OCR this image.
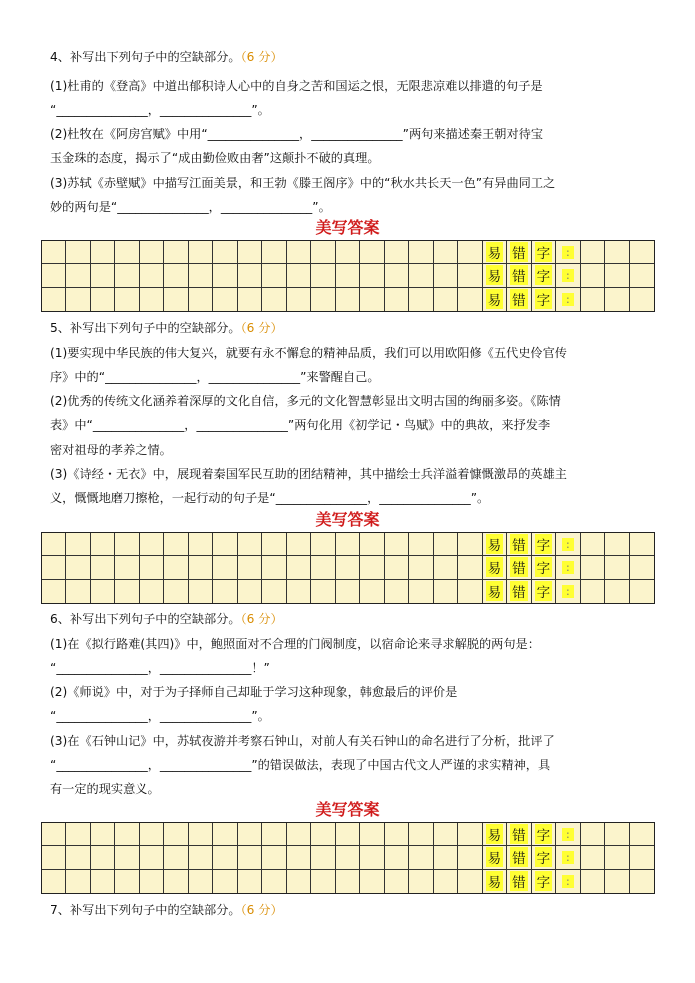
4、补写出下列句子中的空缺部分。（6 分）
(1)杜甫的《登高》中道出郁积诗人心中的自身之苦和国运之恨，无限悲凉难以排遣的句子是
“_______________，_______________”。
(2)杜牧在《阿房宫赋》中用“_______________，_______________”两句来描述秦王朝对待宝
玉金珠的态度，揭示了“成由勤俭败由奢”这颠扑不破的真理。
(3)苏轼《赤壁赋》中描写江面美景，和王勃《滕王阁序》中的“秋水共长天一色”有异曲同工之
妙的两句是“_______________，_______________”。
美写答案
易 错 字	:
易 错 字	:
易 错 字	:
5、补写出下列句子中的空缺部分。（6 分）
(1)要实现中华民族的伟大复兴，就要有永不懈怠的精神品质，我们可以用欧阳修《五代史伶官传
序》中的“_______________，_______________”来警醒自己。
(2)优秀的传统文化涵养着深厚的文化自信，多元的文化智慧彰显出文明古国的绚丽多姿。《陈情
表》中“_______________，_______________”两句化用《初学记・鸟赋》中的典故，来抒发李
密对祖母的孝养之情。
(3)《诗经・无衣》中，展现着秦国军民互助的团结精神，其中描绘士兵洋溢着慷慨激昂的英雄主
义，慨慨地磨刀擦枪，一起行动的句子是“_______________，_______________”。
美写答案
易 错 字	:
易 错 字	:
易 错 字	:
6、补写出下列句子中的空缺部分。（6 分）
(1)在《拟行路难(其四)》中，鲍照面对不合理的门阀制度，以宿命论来寻求解脱的两句是：
“_______________，_______________！”
(2)《师说》中，对于为子择师自己却耻于学习这种现象，韩愈最后的评价是
“_______________，_______________”。
(3)在《石钟山记》中，苏轼夜游并考察石钟山，对前人有关石钟山的命名进行了分析，批评了
“_______________，_______________”的错误做法，表现了中国古代文人严谨的求实精神，具
有一定的现实意义。
美写答案
易 错 字	:
易 错 字	:
易 错 字	:
7、补写出下列句子中的空缺部分。（6 分）
